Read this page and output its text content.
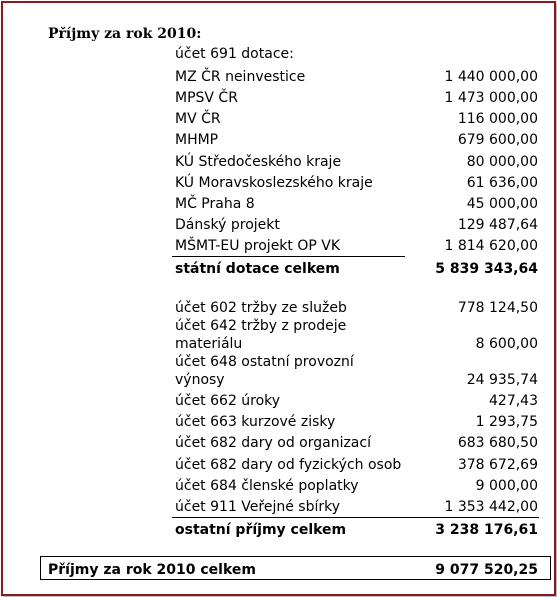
Příjmy za rok 2010:
účet 691 dotace:
MZ ČR neinvestice	1 440 000,00
MPSV ČR	1 473 000,00
MV ČR	116 000,00
MHMP	679 600,00
KÚ Středočeského kraje	80 000,00
KÚ Moravskoslezského kraje	61 636,00
MČ Praha 8	45 000,00
Dánský projekt	129 487,64
MŠMT-EU projekt OP VK	1 814 620,00
státní dotace celkem	5 839 343,64
účet 602 tržby ze služeb	778 124,50
účet 642 tržby z prodeje
materiálu	8 600,00
účet 648 ostatní provozní
výnosy	24 935,74
účet 662 úroky	427,43
účet 663 kurzové zisky	1 293,75
účet 682 dary od organizací	683 680,50
účet 682 dary od fyzických osob	378 672,69
účet 684 členské poplatky	9 000,00
účet 911 Veřejné sbírky	1 353 442,00
ostatní příjmy celkem	3 238 176,61
Příjmy za rok 2010 celkem	9 077 520,25
